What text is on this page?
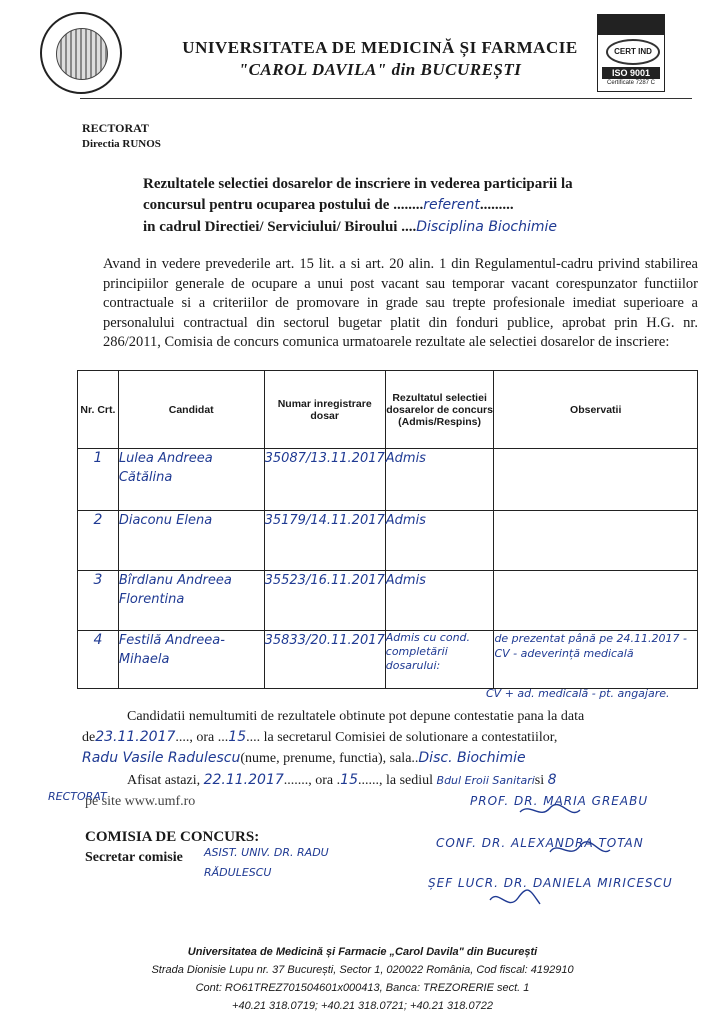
CERT IND
ISO 9001
Certificate 7287 C
UNIVERSITATEA DE MEDICINĂ ȘI FARMACIE
"CAROL DAVILA" din BUCUREȘTI
RECTORAT
Directia RUNOS
Rezultatele selectiei dosarelor de inscriere in vederea participarii la
concursul pentru ocuparea postului de ........referent.........
in cadrul Directiei/ Serviciului/ Biroului ....Disciplina Biochimie
Avand in vedere prevederile art. 15 lit. a si art. 20 alin. 1 din Regulamentul-cadru privind stabilirea principiilor generale de ocupare a unui post vacant sau temporar vacant corespunzator functiilor contractuale si a criteriilor de promovare in grade sau trepte profesionale imediat superioare a personalului contractual din sectorul bugetar platit din fonduri publice, aprobat prin H.G. nr. 286/2011, Comisia de concurs comunica urmatoarele rezultate ale selectiei dosarelor de inscriere:
Nr. Crt.	Candidat	Numar inregistrare dosar	Rezultatul selectiei dosarelor de concurs (Admis/Respins)	Observatii
1	Lulea Andreea Cătălina	35087/13.11.2017	Admis	
2	Diaconu Elena	35179/14.11.2017	Admis	
3	Bîrdlanu Andreea Florentina	35523/16.11.2017	Admis	
4	Festilă Andreea-Mihaela	35833/20.11.2017	Admis cu cond. completării dosarului:	de prezentat până pe 24.11.2017 - CV - adeverință medicală
CV + ad. medicală - pt. angajare.
Candidatii nemultumiti de rezultatele obtinute pot depune contestatie pana la data
de23.11.2017...., ora ...15.... la secretarul Comisiei de solutionare a contestatiilor,
Radu Vasile Radulescu(nume, prenume, functia), sala..Disc. Biochimie
Afisat astazi, 22.11.2017......., ora .15......, la sediul Bdul Eroii Sanitarisi 8
RECTORAT
pe site www.umf.ro
COMISIA DE CONCURS:
Secretar comisie ASIST. UNIV. DR. RADU RĂDULESCU
PROF. DR. MARIA GREABU
CONF. DR. ALEXANDRA TOTAN
ȘEF LUCR. DR. DANIELA MIRICESCU
Universitatea de Medicină și Farmacie „Carol Davila" din București
Strada Dionisie Lupu nr. 37 București, Sector 1, 020022 România, Cod fiscal: 4192910
Cont: RO61TREZ701504601x000413, Banca: TREZORERIE sect. 1
+40.21 318.0719; +40.21 318.0721; +40.21 318.0722
